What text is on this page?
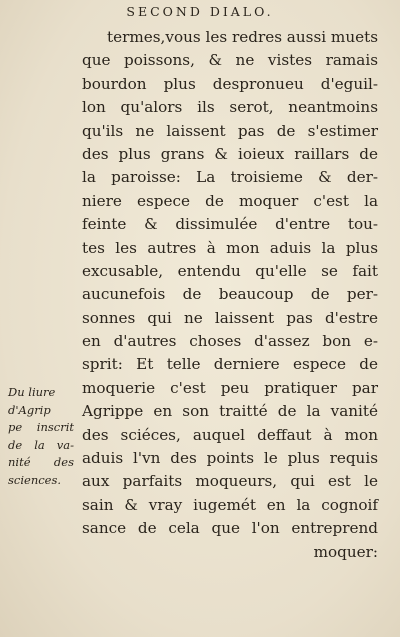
SECOND DIALO.
termes,vous les redres aussi muets
que poissons, & ne vistes ramais
bourdon plus despronueu d'eguil-
lon qu'alors ils serot, neantmoins
qu'ils ne laissent pas de s'estimer
des plus grans & ioieux raillars de
la paroisse: La troisieme & der-
niere espece de moquer c'est la
feinte & dissimulée d'entre tou-
tes les autres à mon aduis la plus
excusable, entendu qu'elle se fait
aucunefois de beaucoup de per-
sonnes qui ne laissent pas d'estre
en d'autres choses d'assez bon e-
sprit: Et telle derniere espece de
moquerie c'est peu pratiquer par
Agrippe en son traitté de la vanité
des sciéces, auquel deffaut à mon
aduis l'vn des points le plus requis
aux parfaits moqueurs, qui est le
sain & vray iugemét en la cognoif
sance de cela que l'on entreprend
moquer:
Du liure
d'Agrip
pe inscrit
de la va-
nité des
sciences.
